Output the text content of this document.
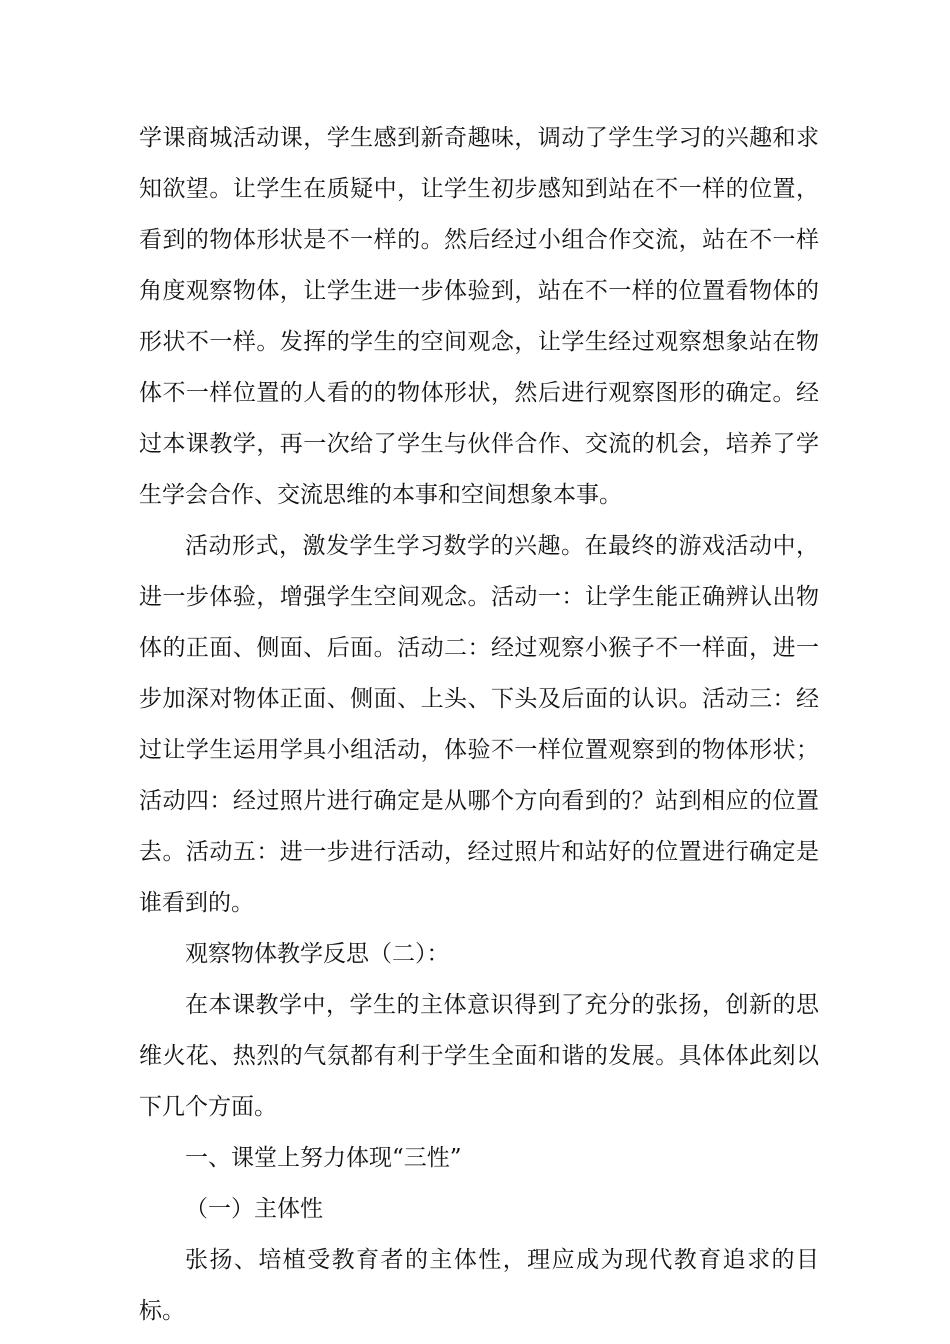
学课商城活动课，学生感到新奇趣味，调动了学生学习的兴趣和求知欲望。让学生在质疑中，让学生初步感知到站在不一样的位置，看到的物体形状是不一样的。然后经过小组合作交流，站在不一样角度观察物体，让学生进一步体验到，站在不一样的位置看物体的形状不一样。发挥的学生的空间观念，让学生经过观察想象站在物体不一样位置的人看的的物体形状，然后进行观察图形的确定。经过本课教学，再一次给了学生与伙伴合作、交流的机会，培养了学生学会合作、交流思维的本事和空间想象本事。

活动形式，激发学生学习数学的兴趣。在最终的游戏活动中，进一步体验，增强学生空间观念。活动一：让学生能正确辨认出物体的正面、侧面、后面。活动二：经过观察小猴子不一样面，进一步加深对物体正面、侧面、上头、下头及后面的认识。活动三：经过让学生运用学具小组活动，体验不一样位置观察到的物体形状；活动四：经过照片进行确定是从哪个方向看到的？站到相应的位置去。活动五：进一步进行活动，经过照片和站好的位置进行确定是谁看到的。

观察物体教学反思（二）：

在本课教学中，学生的主体意识得到了充分的张扬，创新的思维火花、热烈的气氛都有利于学生全面和谐的发展。具体体此刻以下几个方面。

一、课堂上努力体现“三性”

（一）主体性

张扬、培植受教育者的主体性，理应成为现代教育追求的目标。
